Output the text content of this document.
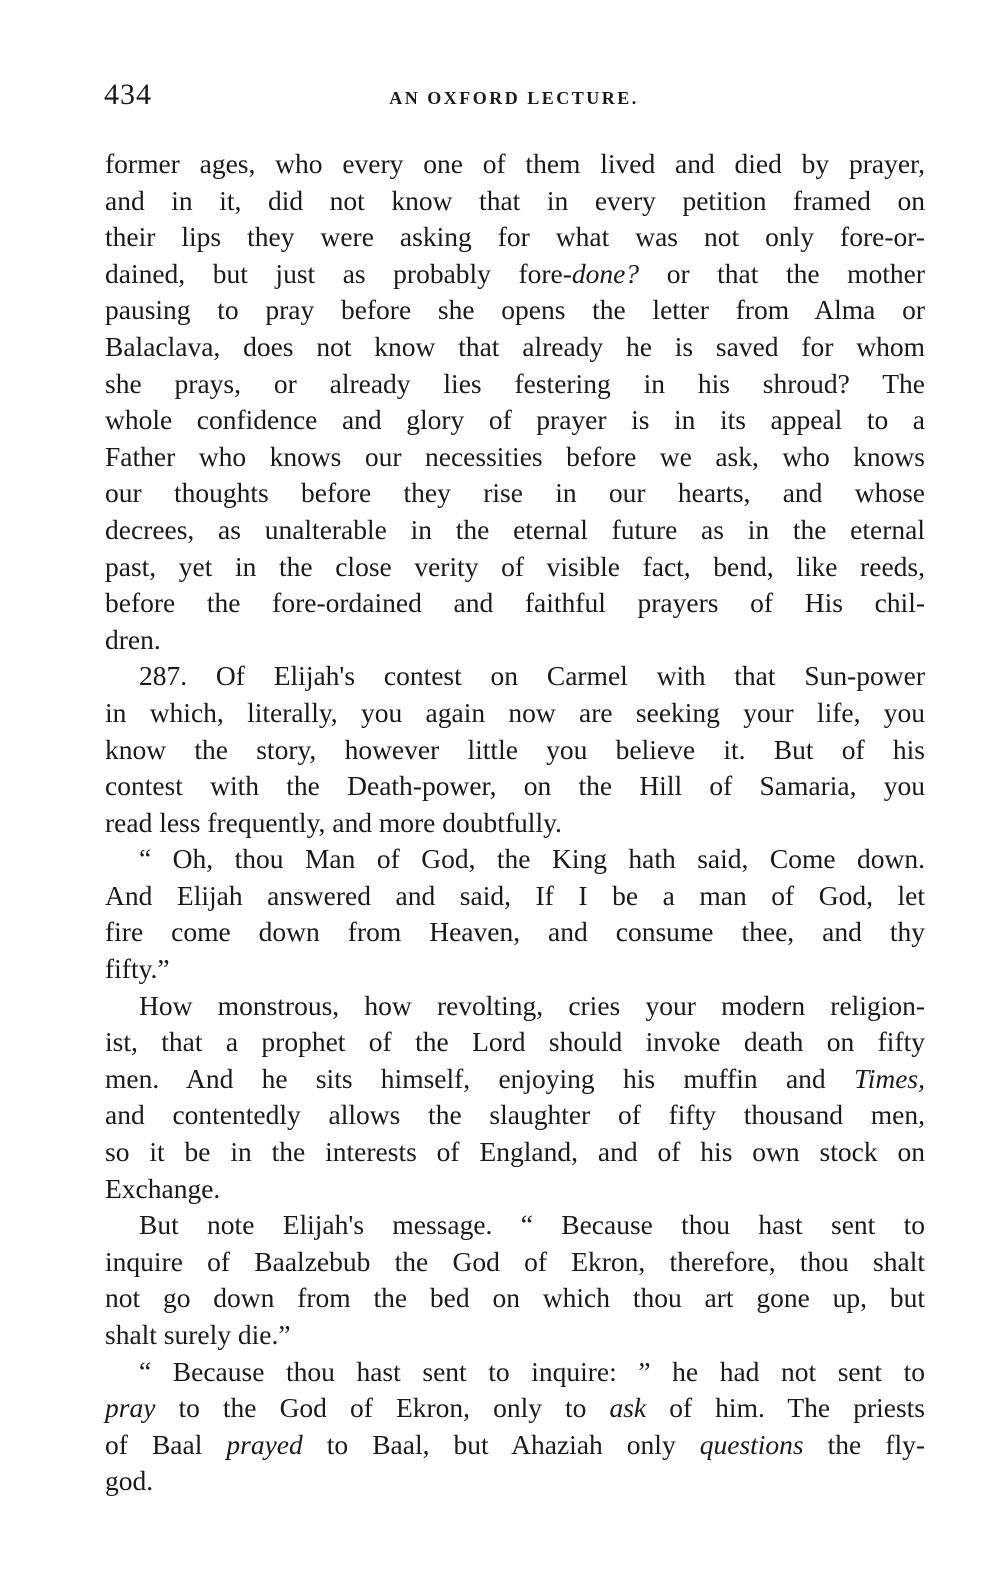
434	AN OXFORD LECTURE.
former ages, who every one of them lived and died by prayer,
and in it, did not know that in every petition framed on
their lips they were asking for what was not only fore-or-
dained, but just as probably fore-done? or that the mother
pausing to pray before she opens the letter from Alma or
Balaclava, does not know that already he is saved for whom
she prays, or already lies festering in his shroud? The
whole confidence and glory of prayer is in its appeal to a
Father who knows our necessities before we ask, who knows
our thoughts before they rise in our hearts, and whose
decrees, as unalterable in the eternal future as in the eternal
past, yet in the close verity of visible fact, bend, like reeds,
before the fore-ordained and faithful prayers of His chil-
dren.
287. Of Elijah's contest on Carmel with that Sun-power
in which, literally, you again now are seeking your life, you
know the story, however little you believe it. But of his
contest with the Death-power, on the Hill of Samaria, you
read less frequently, and more doubtfully.
“ Oh, thou Man of God, the King hath said, Come down.
And Elijah answered and said, If I be a man of God, let
fire come down from Heaven, and consume thee, and thy
fifty.”
How monstrous, how revolting, cries your modern religion-
ist, that a prophet of the Lord should invoke death on fifty
men. And he sits himself, enjoying his muffin and Times,
and contentedly allows the slaughter of fifty thousand men,
so it be in the interests of England, and of his own stock on
Exchange.
But note Elijah's message. “ Because thou hast sent to
inquire of Baalzebub the God of Ekron, therefore, thou shalt
not go down from the bed on which thou art gone up, but
shalt surely die.”
“ Because thou hast sent to inquire: ” he had not sent to
pray to the God of Ekron, only to ask of him. The priests
of Baal prayed to Baal, but Ahaziah only questions the fly-
god.
